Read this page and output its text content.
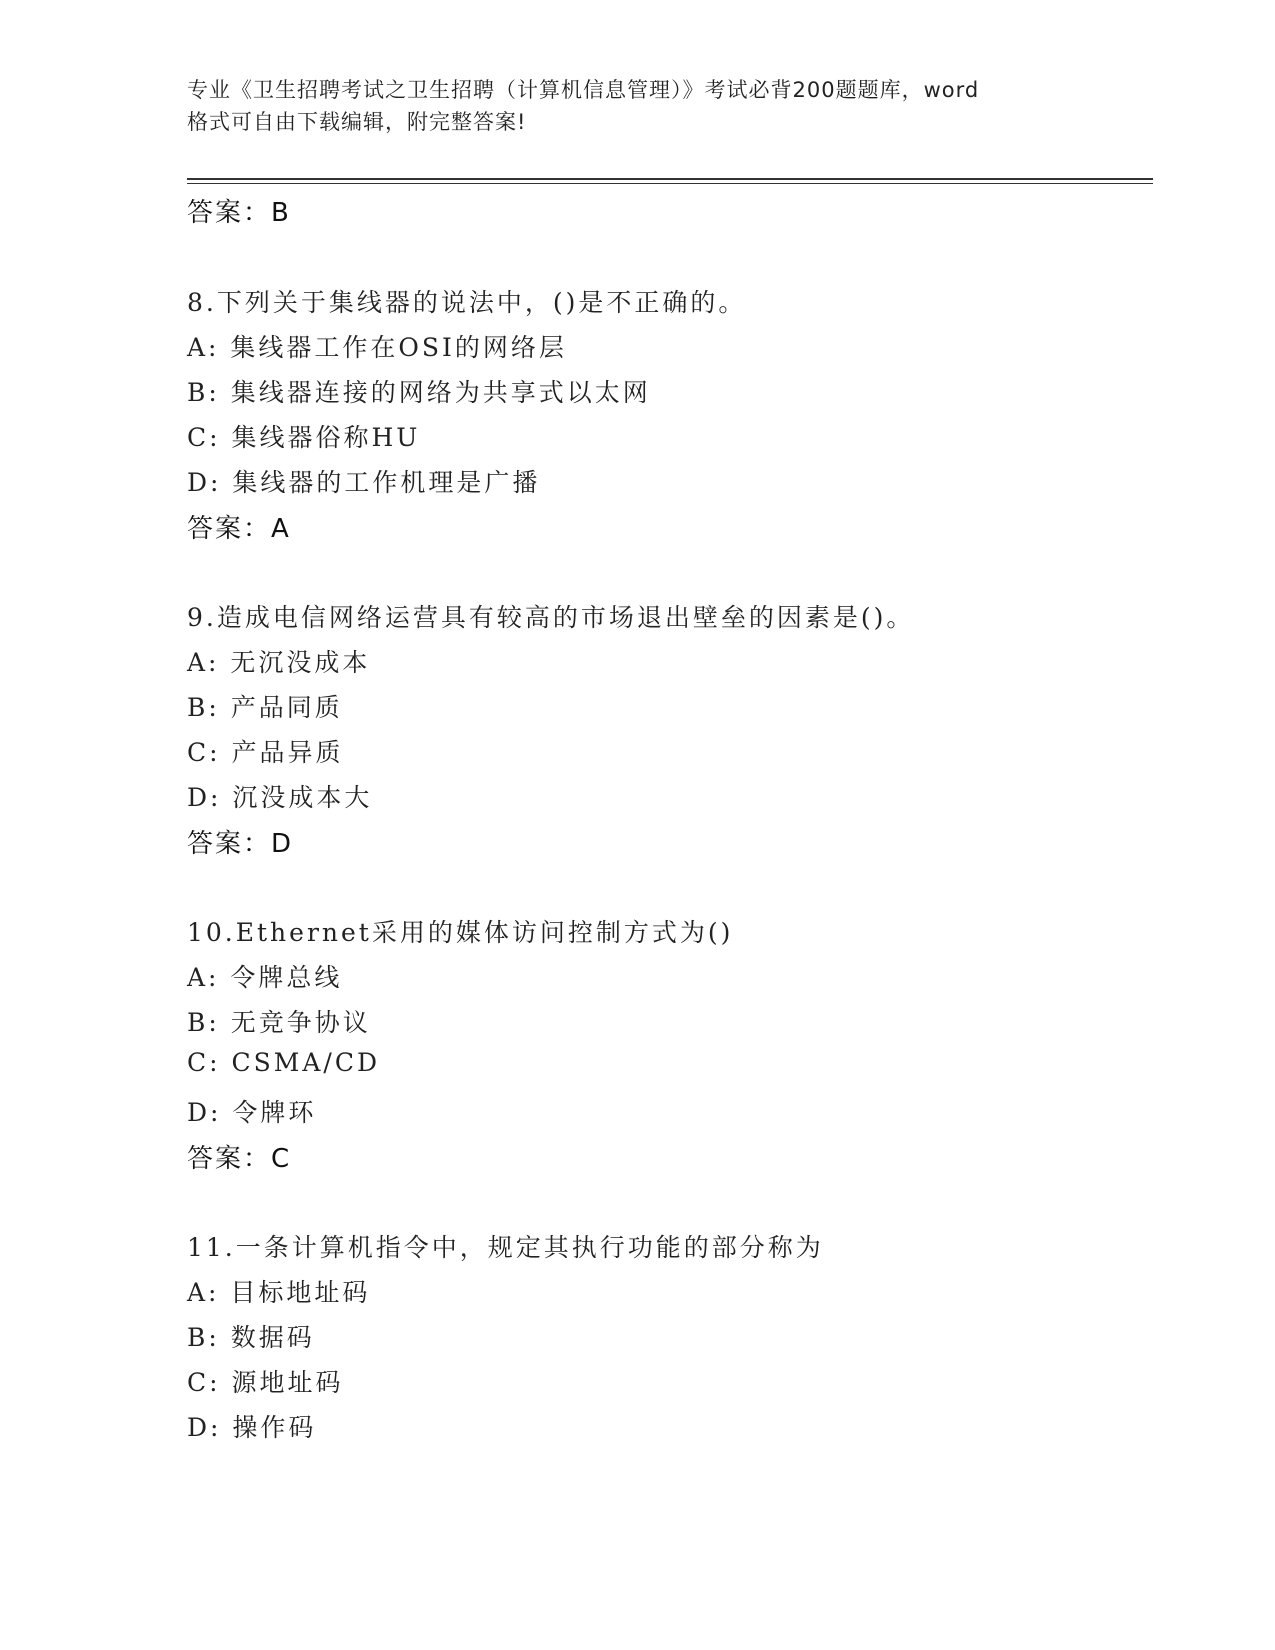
专业《卫生招聘考试之卫生招聘（计算机信息管理）》考试必背200题题库，word
格式可自由下载编辑，附完整答案!
答案：B
8.下列关于集线器的说法中，()是不正确的。
A: 集线器工作在OSI的网络层
B: 集线器连接的网络为共享式以太网
C: 集线器俗称HU
D: 集线器的工作机理是广播
答案：A
9.造成电信网络运营具有较高的市场退出壁垒的因素是()。
A: 无沉没成本
B: 产品同质
C: 产品异质
D: 沉没成本大
答案：D
10.Ethernet采用的媒体访问控制方式为()
A: 令牌总线
B: 无竞争协议
C: CSMA/CD
D: 令牌环
答案：C
11.一条计算机指令中，规定其执行功能的部分称为
A: 目标地址码
B: 数据码
C: 源地址码
D: 操作码
